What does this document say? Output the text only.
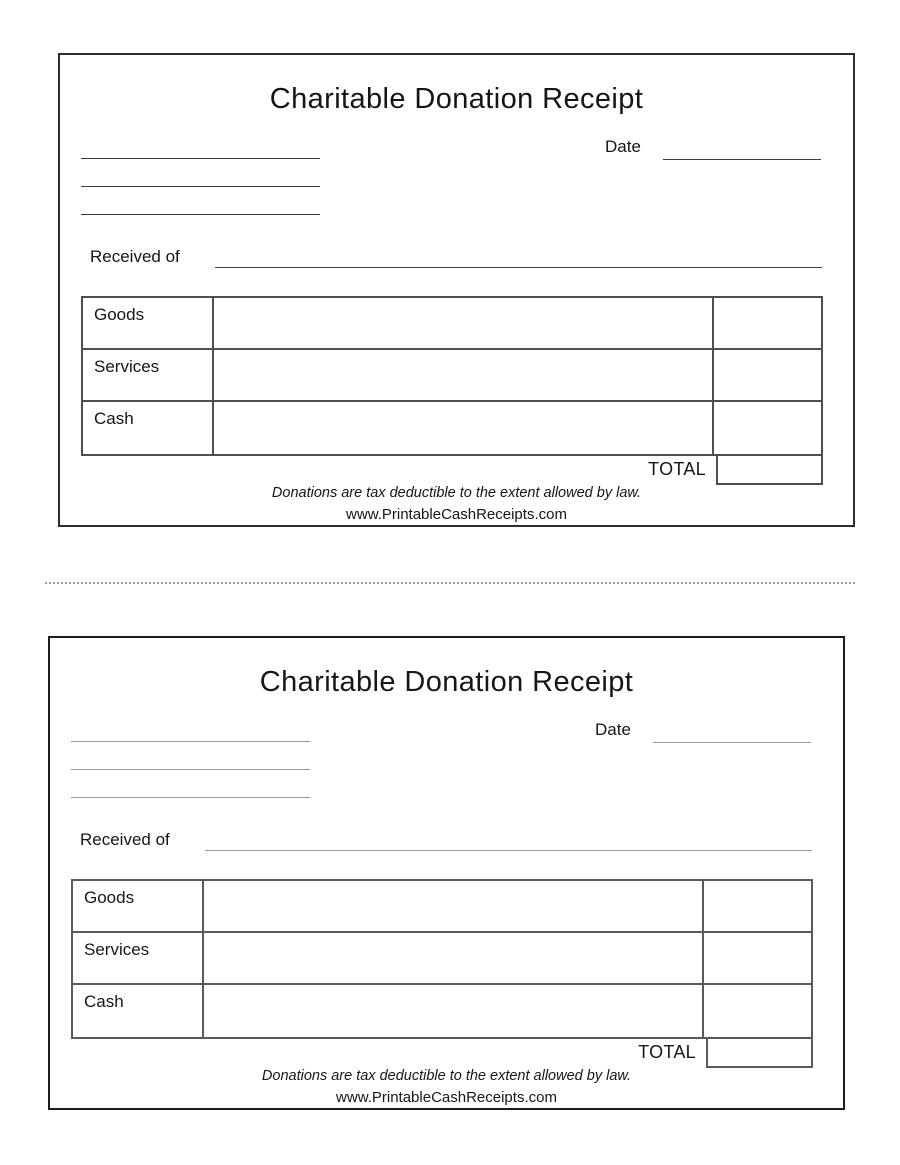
Charitable Donation Receipt
Date
Received of
Goods
Services
Cash
TOTAL
Donations are tax deductible to the extent allowed by law.
www.PrintableCashReceipts.com
Charitable Donation Receipt
Date
Received of
Goods
Services
Cash
TOTAL
Donations are tax deductible to the extent allowed by law.
www.PrintableCashReceipts.com
